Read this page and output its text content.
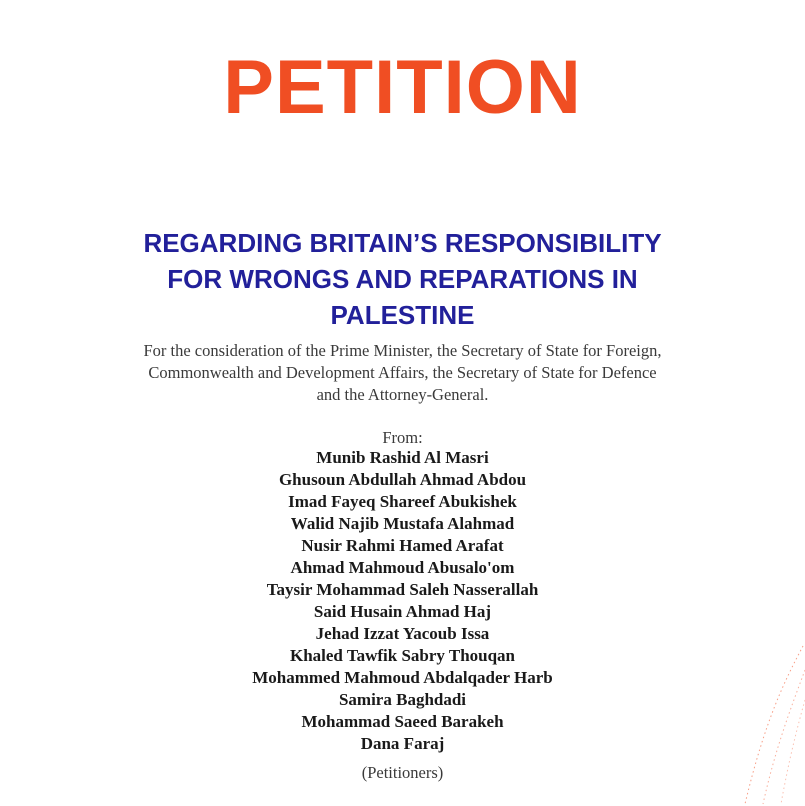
PETITION
REGARDING BRITAIN’S RESPONSIBILITY
FOR WRONGS AND REPARATIONS IN
PALESTINE
For the consideration of the Prime Minister, the Secretary of State for Foreign,
Commonwealth and Development Affairs, the Secretary of State for Defence
and the Attorney-General.
From:
Munib Rashid Al Masri
Ghusoun Abdullah Ahmad Abdou
Imad Fayeq Shareef Abukishek
Walid Najib Mustafa Alahmad
Nusir Rahmi Hamed Arafat
Ahmad Mahmoud Abusalo'om
Taysir Mohammad Saleh Nasserallah
Said Husain Ahmad Haj
Jehad Izzat Yacoub Issa
Khaled Tawfik Sabry Thouqan
Mohammed Mahmoud Abdalqader Harb
Samira Baghdadi
Mohammad Saeed Barakeh
Dana Faraj
(Petitioners)
